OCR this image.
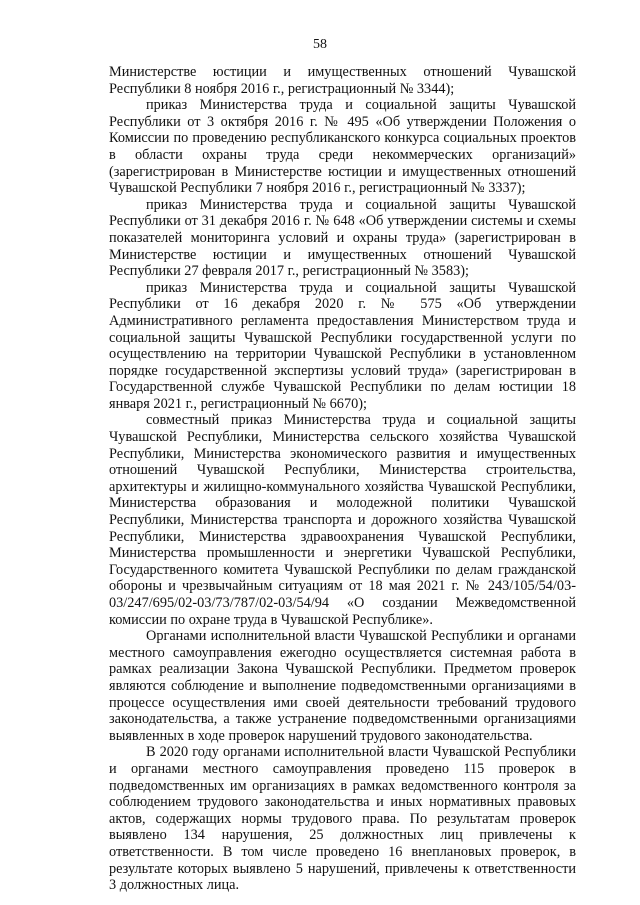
58

Министерстве юстиции и имущественных отношений Чувашской Республики 8 ноября 2016 г., регистрационный № 3344);

приказ Министерства труда и социальной защиты Чувашской Республики от 3 октября 2016 г. № 495 «Об утверждении Положения о Комиссии по проведению республиканского конкурса социальных проектов в области охраны труда среди некоммерческих организаций» (зарегистрирован в Министерстве юстиции и имущественных отношений Чувашской Республики 7 ноября 2016 г., регистрационный № 3337);

приказ Министерства труда и социальной защиты Чувашской Республики от 31 декабря 2016 г. № 648 «Об утверждении системы и схемы показателей мониторинга условий и охраны труда» (зарегистрирован в Министерстве юстиции и имущественных отношений Чувашской Республики 27 февраля 2017 г., регистрационный № 3583);

приказ Министерства труда и социальной защиты Чувашской Республики от 16 декабря 2020 г. № 575 «Об утверждении Административного регламента предоставления Министерством труда и социальной защиты Чувашской Республики государственной услуги по осуществлению на территории Чувашской Республики в установленном порядке государственной экспертизы условий труда» (зарегистрирован в Государственной службе Чувашской Республики по делам юстиции 18 января 2021 г., регистрационный № 6670);

совместный приказ Министерства труда и социальной защиты Чувашской Республики, Министерства сельского хозяйства Чувашской Республики, Министерства экономического развития и имущественных отношений Чувашской Республики, Министерства строительства, архитектуры и жилищно-коммунального хозяйства Чувашской Республики, Министерства образования и молодежной политики Чувашской Республики, Министерства транспорта и дорожного хозяйства Чувашской Республики, Министерства здравоохранения Чувашской Республики, Министерства промышленности и энергетики Чувашской Республики, Государственного комитета Чувашской Республики по делам гражданской обороны и чрезвычайным ситуациям от 18 мая 2021 г. № 243/105/54/03-03/247/695/02-03/73/787/02-03/54/94 «О создании Межведомственной комиссии по охране труда в Чувашской Республике».

Органами исполнительной власти Чувашской Республики и органами местного самоуправления ежегодно осуществляется системная работа в рамках реализации Закона Чувашской Республики. Предметом проверок являются соблюдение и выполнение подведомственными организациями в процессе осуществления ими своей деятельности требований трудового законодательства, а также устранение подведомственными организациями выявленных в ходе проверок нарушений трудового законодательства.

В 2020 году органами исполнительной власти Чувашской Республики и органами местного самоуправления проведено 115 проверок в подведомственных им организациях в рамках ведомственного контроля за соблюдением трудового законодательства и иных нормативных правовых актов, содержащих нормы трудового права. По результатам проверок выявлено 134 нарушения, 25 должностных лиц привлечены к ответственности. В том числе проведено 16 внеплановых проверок, в результате которых выявлено 5 нарушений, привлечены к ответственности 3 должностных лица.
